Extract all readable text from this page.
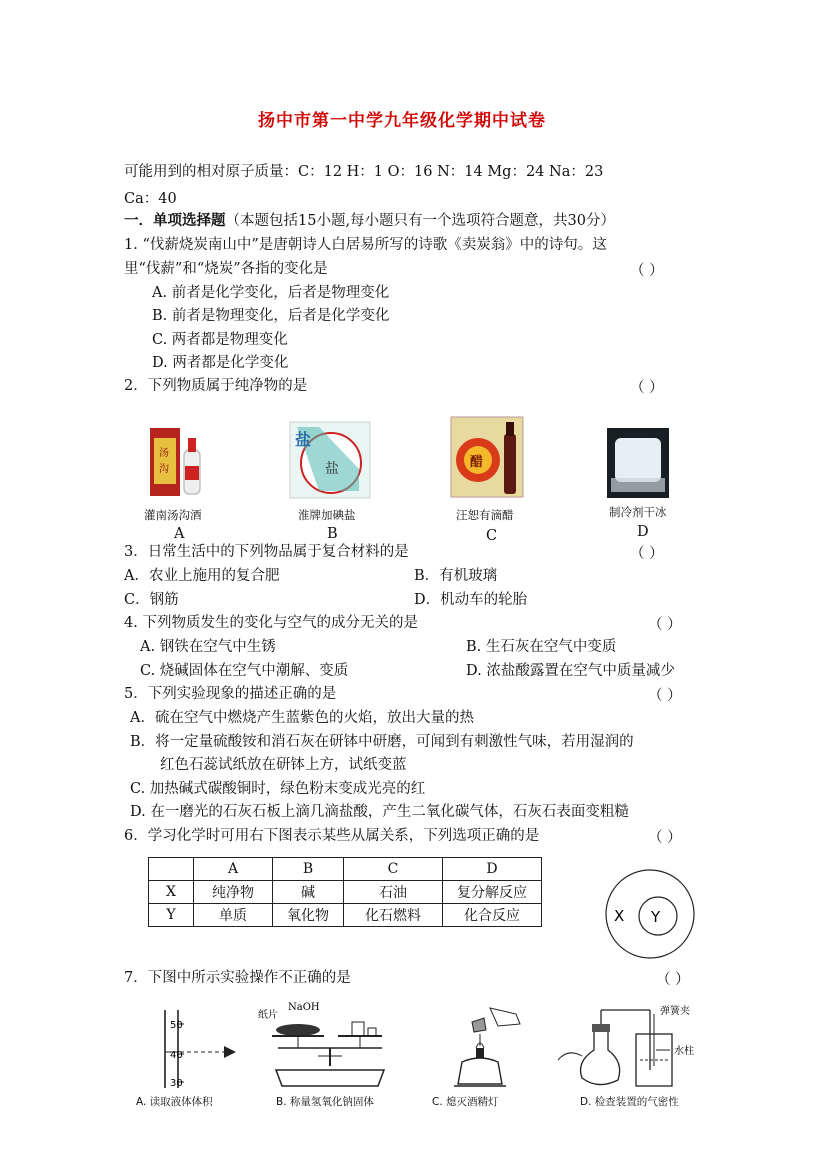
扬中市第一中学九年级化学期中试卷
可能用到的相对原子质量：C：12 H：1 O：16 N：14 Mg：24 Na：23
Ca：40
一．单项选择题（本题包括15小题,每小题只有一个选项符合题意，共30分）
1. “伐薪烧炭南山中”是唐朝诗人白居易所写的诗歌《卖炭翁》中的诗句。这
里“伐薪”和“烧炭”各指的变化是	（ ）
A. 前者是化学变化，后者是物理变化
B. 前者是物理变化，后者是化学变化
C. 两者都是物理变化
D. 两者都是化学变化
2．下列物质属于纯净物的是	（ ）
汤
沟
盐
盐	醋
灌南汤沟酒	淮牌加碘盐	汪恕有滴醋	制冷剂干冰
A	B	C	D
3．日常生活中的下列物品属于复合材料的是	（ ）
A．农业上施用的复合肥	B．有机玻璃
C．钢筋	D．机动车的轮胎
4. 下列物质发生的变化与空气的成分无关的是	（ ）
A. 钢铁在空气中生锈	B. 生石灰在空气中变质
C. 烧碱固体在空气中潮解、变质	D. 浓盐酸露置在空气中质量减少
5．下列实验现象的描述正确的是	（ ）
A．硫在空气中燃烧产生蓝紫色的火焰，放出大量的热
B．将一定量硫酸铵和消石灰在研钵中研磨，可闻到有刺激性气味，若用湿润的
红色石蕊试纸放在研钵上方，试纸变蓝
C. 加热碱式碳酸铜时，绿色粉末变成光亮的红
D. 在一磨光的石灰石板上滴几滴盐酸，产生二氧化碳气体，石灰石表面变粗糙
6．学习化学时可用右下图表示某些从属关系，下列选项正确的是	（ ）
	A	B	C	D
X	纯净物	碱	石油	复分解反应
Y	单质	氧化物	化石燃料	化合反应	X Y
7．下图中所示实验操作不正确的是	（ ）
50
40
30
纸片
NaOH	弹簧夹
水柱
A. 读取液体体积	B. 称量氢氧化钠固体	C. 熄灭酒精灯	D. 检查装置的气密性
